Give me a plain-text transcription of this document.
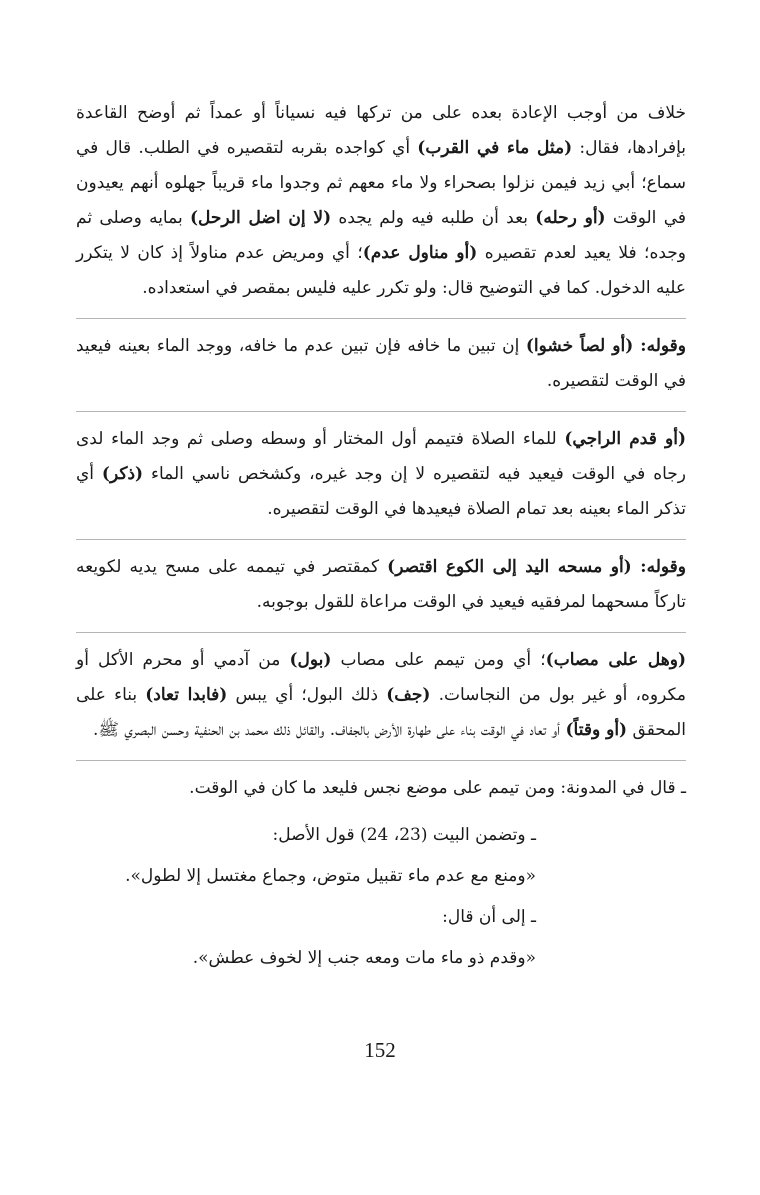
خلاف من أوجب الإعادة بعده على من تركها فيه نسياناً أو عمداً ثم أوضح القاعدة بإفرادها، فقال: (مثل ماء في القرب) أي كواجده بقربه لتقصيره في الطلب. قال في سماع؛ أبي زيد فيمن نزلوا بصحراء ولا ماء معهم ثم وجدوا ماء قريباً جهلوه أنهم يعيدون في الوقت (أو رحله) بعد أن طلبه فيه ولم يجده (لا إن اضل الرحل) بمايه وصلى ثم وجده؛ فلا يعيد لعدم تقصيره (أو مناول عدم)؛ أي ومريض عدم مناولاً إذ كان لا يتكرر عليه الدخول. كما في التوضيح قال: ولو تكرر عليه فليس بمقصر في استعداده.

وقوله: (أو لصاً خشوا) إن تبين ما خافه فإن تبين عدم ما خافه، ووجد الماء بعينه فيعيد في الوقت لتقصيره.

(أو قدم الراجي) للماء الصلاة فتيمم أول المختار أو وسطه وصلى ثم وجد الماء لدى رجاه في الوقت فيعيد فيه لتقصيره لا إن وجد غيره، وكشخص ناسي الماء (ذكر) أي تذكر الماء بعينه بعد تمام الصلاة فيعيدها في الوقت لتقصيره.

وقوله: (أو مسحه اليد إلى الكوع اقتصر) كمقتصر في تيممه على مسح يديه لكويعه تاركاً مسحهما لمرفقيه فيعيد في الوقت مراعاة للقول بوجوبه.

(وهل على مصاب)؛ أي ومن تيمم على مصاب (بول) من آدمي أو محرم الأكل أو مكروه، أو غير بول من النجاسات. (جف) ذلك البول؛ أي يبس (فابدا تعاد) بناء على المحقق (أو وقتاً) أو تعاد في الوقت بناء على طهارة الأرض بالجفاف. والقائل ذلك محمد بن الحنفية وحسن البصري ﷺ.

ـ قال في المدونة: ومن تيمم على موضع نجس فليعد ما كان في الوقت.

ـ وتضمن البيت (23، 24) قول الأصل:

«ومنع مع عدم ماء تقبيل متوض، وجماع مغتسل إلا لطول».

ـ إلى أن قال:

«وقدم ذو ماء مات ومعه جنب إلا لخوف عطش».

152
